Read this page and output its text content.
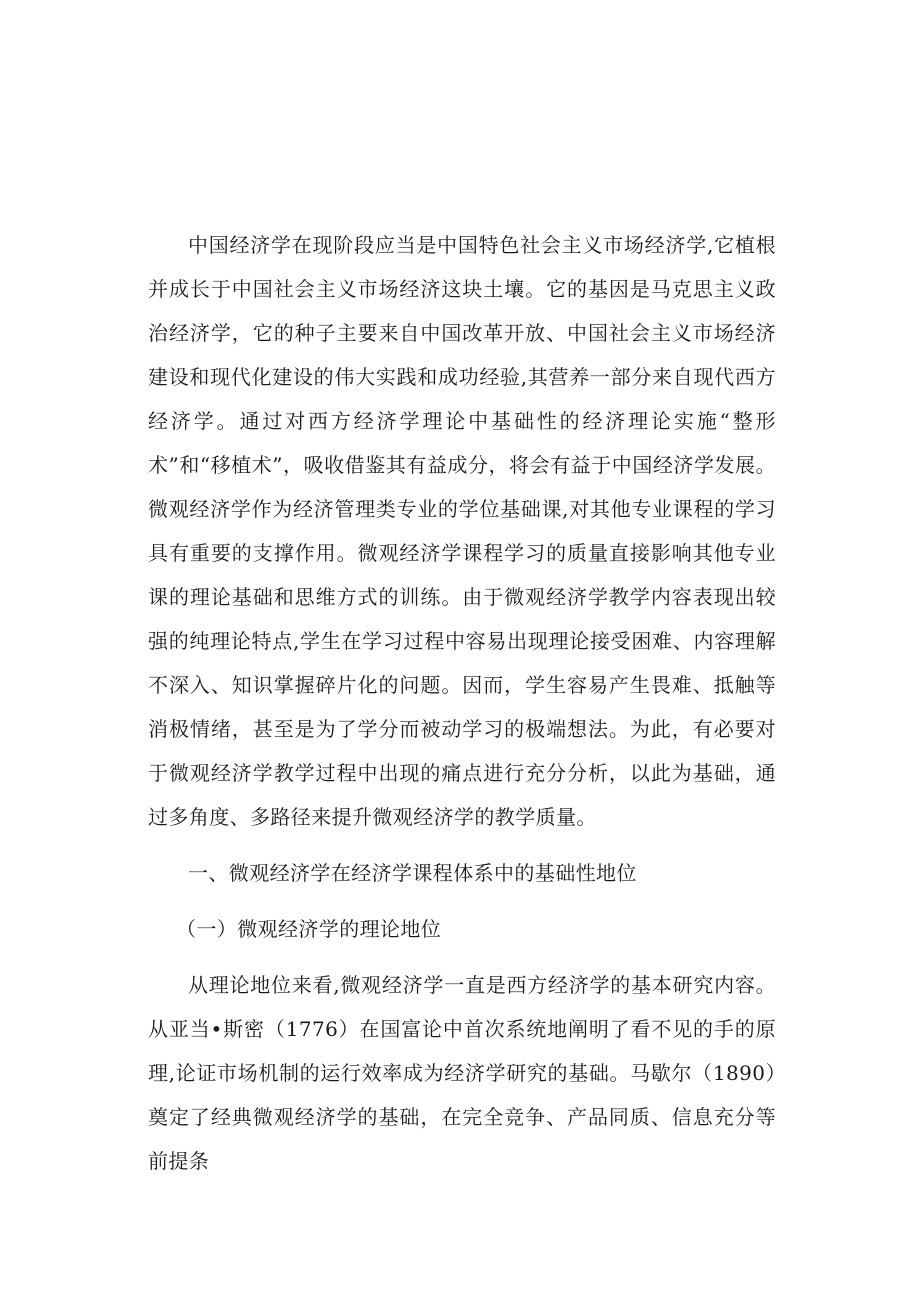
中国经济学在现阶段应当是中国特色社会主义市场经济学,它植根并成长于中国社会主义市场经济这块土壤。它的基因是马克思主义政治经济学，它的种子主要来自中国改革开放、中国社会主义市场经济建设和现代化建设的伟大实践和成功经验,其营养一部分来自现代西方经济学。通过对西方经济学理论中基础性的经济理论实施“整形术”和“移植术”，吸收借鉴其有益成分，将会有益于中国经济学发展。微观经济学作为经济管理类专业的学位基础课,对其他专业课程的学习具有重要的支撑作用。微观经济学课程学习的质量直接影响其他专业课的理论基础和思维方式的训练。由于微观经济学教学内容表现出较强的纯理论特点,学生在学习过程中容易出现理论接受困难、内容理解不深入、知识掌握碎片化的问题。因而，学生容易产生畏难、抵触等消极情绪，甚至是为了学分而被动学习的极端想法。为此，有必要对于微观经济学教学过程中出现的痛点进行充分分析，以此为基础，通过多角度、多路径来提升微观经济学的教学质量。

一、微观经济学在经济学课程体系中的基础性地位

（一）微观经济学的理论地位

从理论地位来看,微观经济学一直是西方经济学的基本研究内容。从亚当•斯密（1776）在国富论中首次系统地阐明了看不见的手的原理,论证市场机制的运行效率成为经济学研究的基础。马歇尔（1890）奠定了经典微观经济学的基础，在完全竞争、产品同质、信息充分等前提条
